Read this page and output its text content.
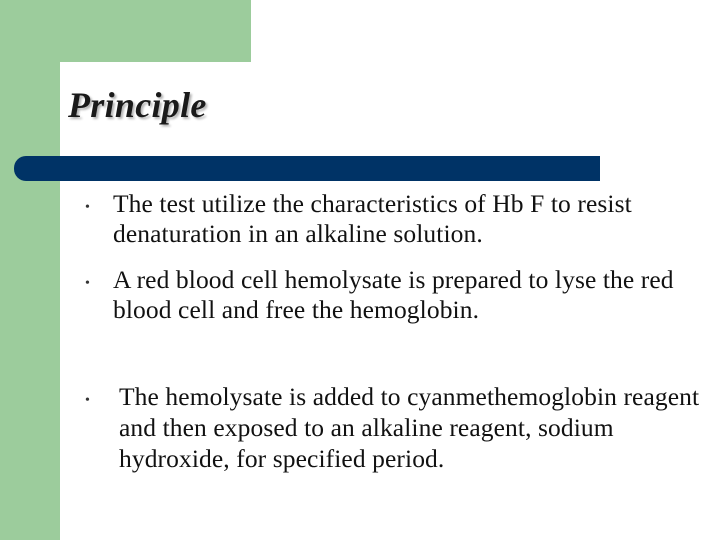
Principle
• The test utilize the characteristics of Hb F to resist denaturation in an alkaline solution.

• A red blood cell hemolysate is prepared to lyse the red blood cell and free the hemoglobin.

• The hemolysate is added to cyanmethemoglobin reagent and then exposed to an alkaline reagent, sodium hydroxide, for specified period.
